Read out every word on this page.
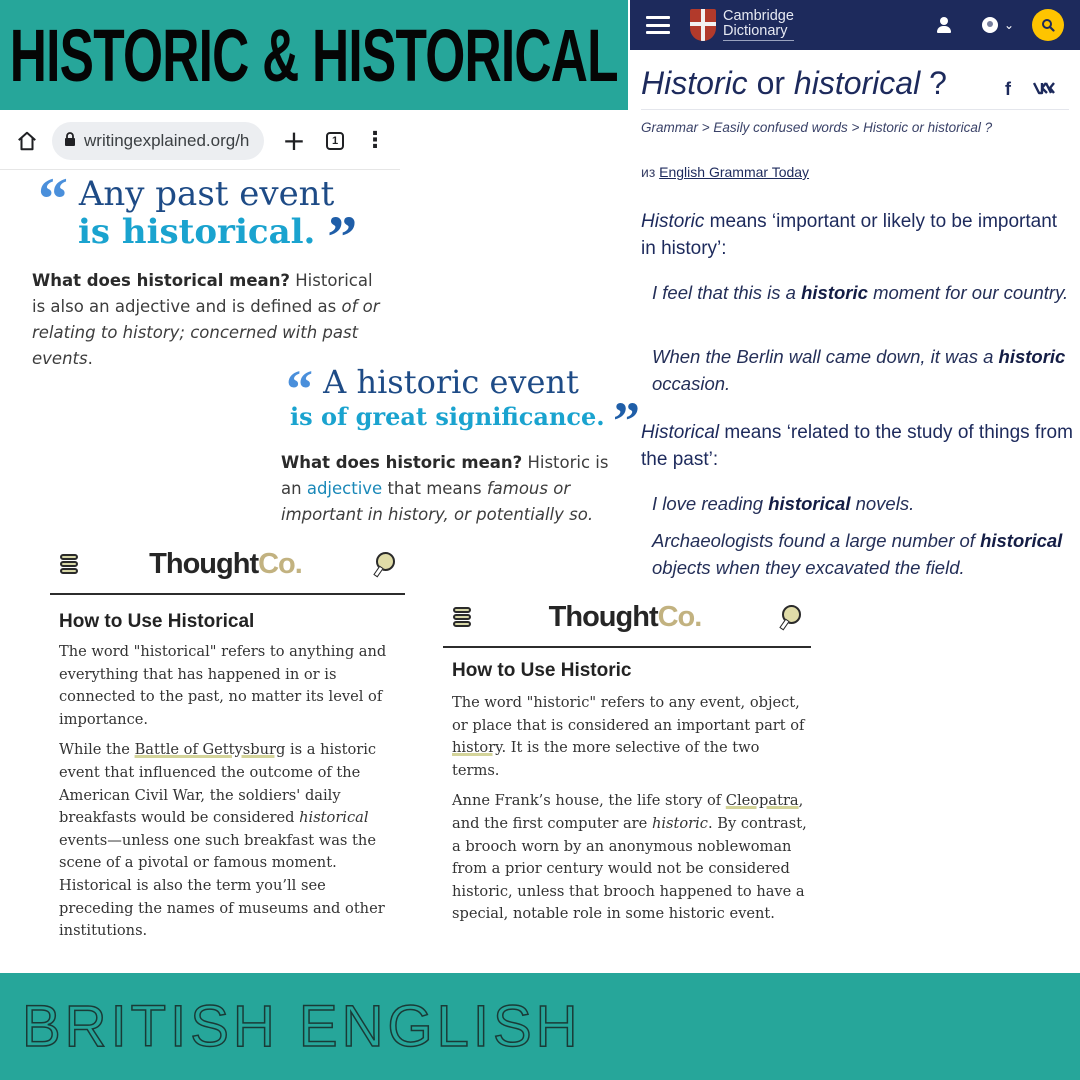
HISTORIC & HISTORICAL
writingexplained.org/h +	1 ⋮
“ Any past event
is historical. ”
What does historical mean? Historical is also an adjective and is defined as of or relating to history; concerned with past events.
“ A historic event
is of great significance. ”
What does historic mean? Historic is an adjective that means famous or important in history, or potentially so.
Cambridge
Dictionary	⌄
Historic or historical ?	f
Grammar > Easily confused words > Historic or historical ?
из English Grammar Today
Historic means ‘important or likely to be important in history’:
I feel that this is a historic moment for our country.
When the Berlin wall came down, it was a historic occasion.
Historical means ‘related to the study of things from the past’:
I love reading historical novels.
Archaeologists found a large number of historical objects when they excavated the field.
ThoughtCo.
How to Use Historical

The word "historical" refers to anything and everything that has happened in or is connected to the past, no matter its level of importance.

While the Battle of Gettysburg is a historic event that influenced the outcome of the American Civil War, the soldiers' daily breakfasts would be considered historical events—unless one such breakfast was the scene of a pivotal or famous moment. Historical is also the term you’ll see preceding the names of museums and other institutions.

ThoughtCo.
How to Use Historic

The word "historic" refers to any event, object, or place that is considered an important part of history. It is the more selective of the two terms.

Anne Frank’s house, the life story of Cleopatra, and the first computer are historic. By contrast, a brooch worn by an anonymous noblewoman from a prior century would not be considered historic, unless that brooch happened to have a special, notable role in some historic event.

BRITISH ENGLISH
